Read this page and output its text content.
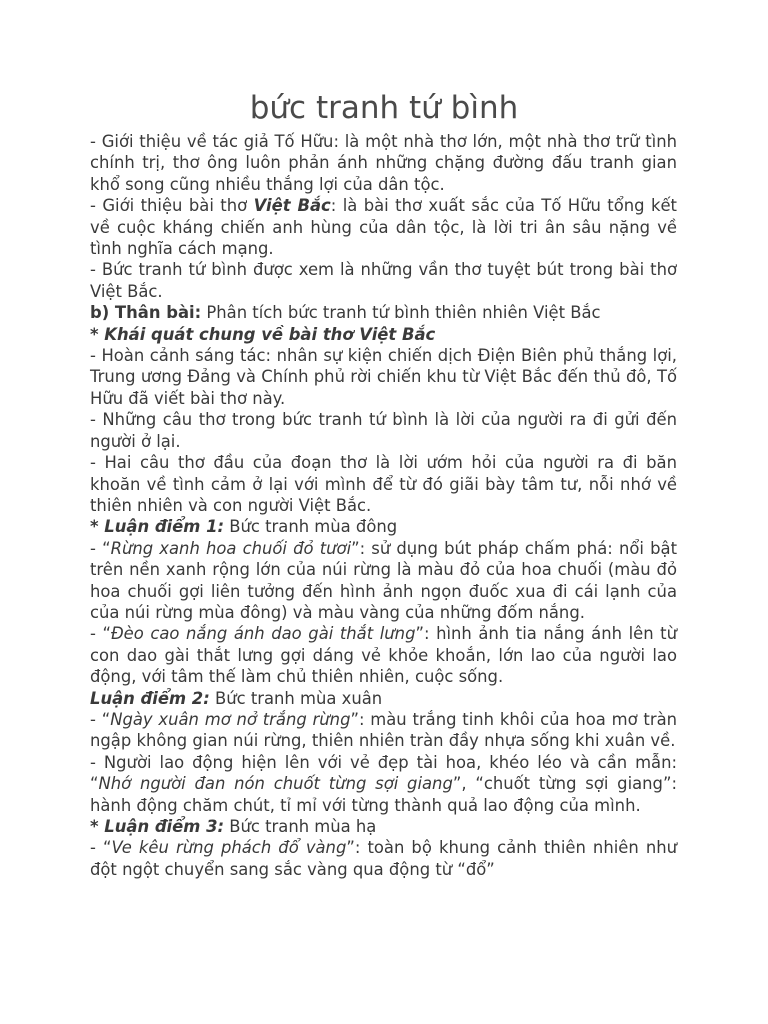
bức tranh tứ bình

- Giới thiệu về tác giả Tố Hữu: là một nhà thơ lớn, một nhà thơ trữ tình chính trị, thơ ông luôn phản ánh những chặng đường đấu tranh gian khổ song cũng nhiều thắng lợi của dân tộc.

- Giới thiệu bài thơ Việt Bắc: là bài thơ xuất sắc của Tố Hữu tổng kết về cuộc kháng chiến anh hùng của dân tộc, là lời tri ân sâu nặng về tình nghĩa cách mạng.

- Bức tranh tứ bình được xem là những vần thơ tuyệt bút trong bài thơ Việt Bắc.

b) Thân bài: Phân tích bức tranh tứ bình thiên nhiên Việt Bắc

* Khái quát chung về bài thơ Việt Bắc

- Hoàn cảnh sáng tác: nhân sự kiện chiến dịch Điện Biên phủ thắng lợi, Trung ương Đảng và Chính phủ rời chiến khu từ Việt Bắc đến thủ đô, Tố Hữu đã viết bài thơ này.

- Những câu thơ trong bức tranh tứ bình là lời của người ra đi gửi đến người ở lại.

- Hai câu thơ đầu của đoạn thơ là lời ướm hỏi của người ra đi băn khoăn về tình cảm ở lại với mình để từ đó giãi bày tâm tư, nỗi nhớ về thiên nhiên và con người Việt Bắc.

* Luận điểm 1: Bức tranh mùa đông

- “Rừng xanh hoa chuối đỏ tươi”: sử dụng bút pháp chấm phá: nổi bật trên nền xanh rộng lớn của núi rừng là màu đỏ của hoa chuối (màu đỏ hoa chuối gợi liên tưởng đến hình ảnh ngọn đuốc xua đi cái lạnh của của núi rừng mùa đông) và màu vàng của những đốm nắng.

- “Đèo cao nắng ánh dao gài thắt lưng”: hình ảnh tia nắng ánh lên từ con dao gài thắt lưng gợi dáng vẻ khỏe khoắn, lớn lao của người lao động, với tâm thế làm chủ thiên nhiên, cuộc sống.

Luận điểm 2: Bức tranh mùa xuân

- “Ngày xuân mơ nở trắng rừng”: màu trắng tinh khôi của hoa mơ tràn ngập không gian núi rừng, thiên nhiên tràn đầy nhựa sống khi xuân về.

- Người lao động hiện lên với vẻ đẹp tài hoa, khéo léo và cần mẫn: “Nhớ người đan nón chuốt từng sợi giang”, “chuốt từng sợi giang”: hành động chăm chút, tỉ mỉ với từng thành quả lao động của mình.

* Luận điểm 3: Bức tranh mùa hạ

- “Ve kêu rừng phách đổ vàng”: toàn bộ khung cảnh thiên nhiên như đột ngột chuyển sang sắc vàng qua động từ “đổ”
